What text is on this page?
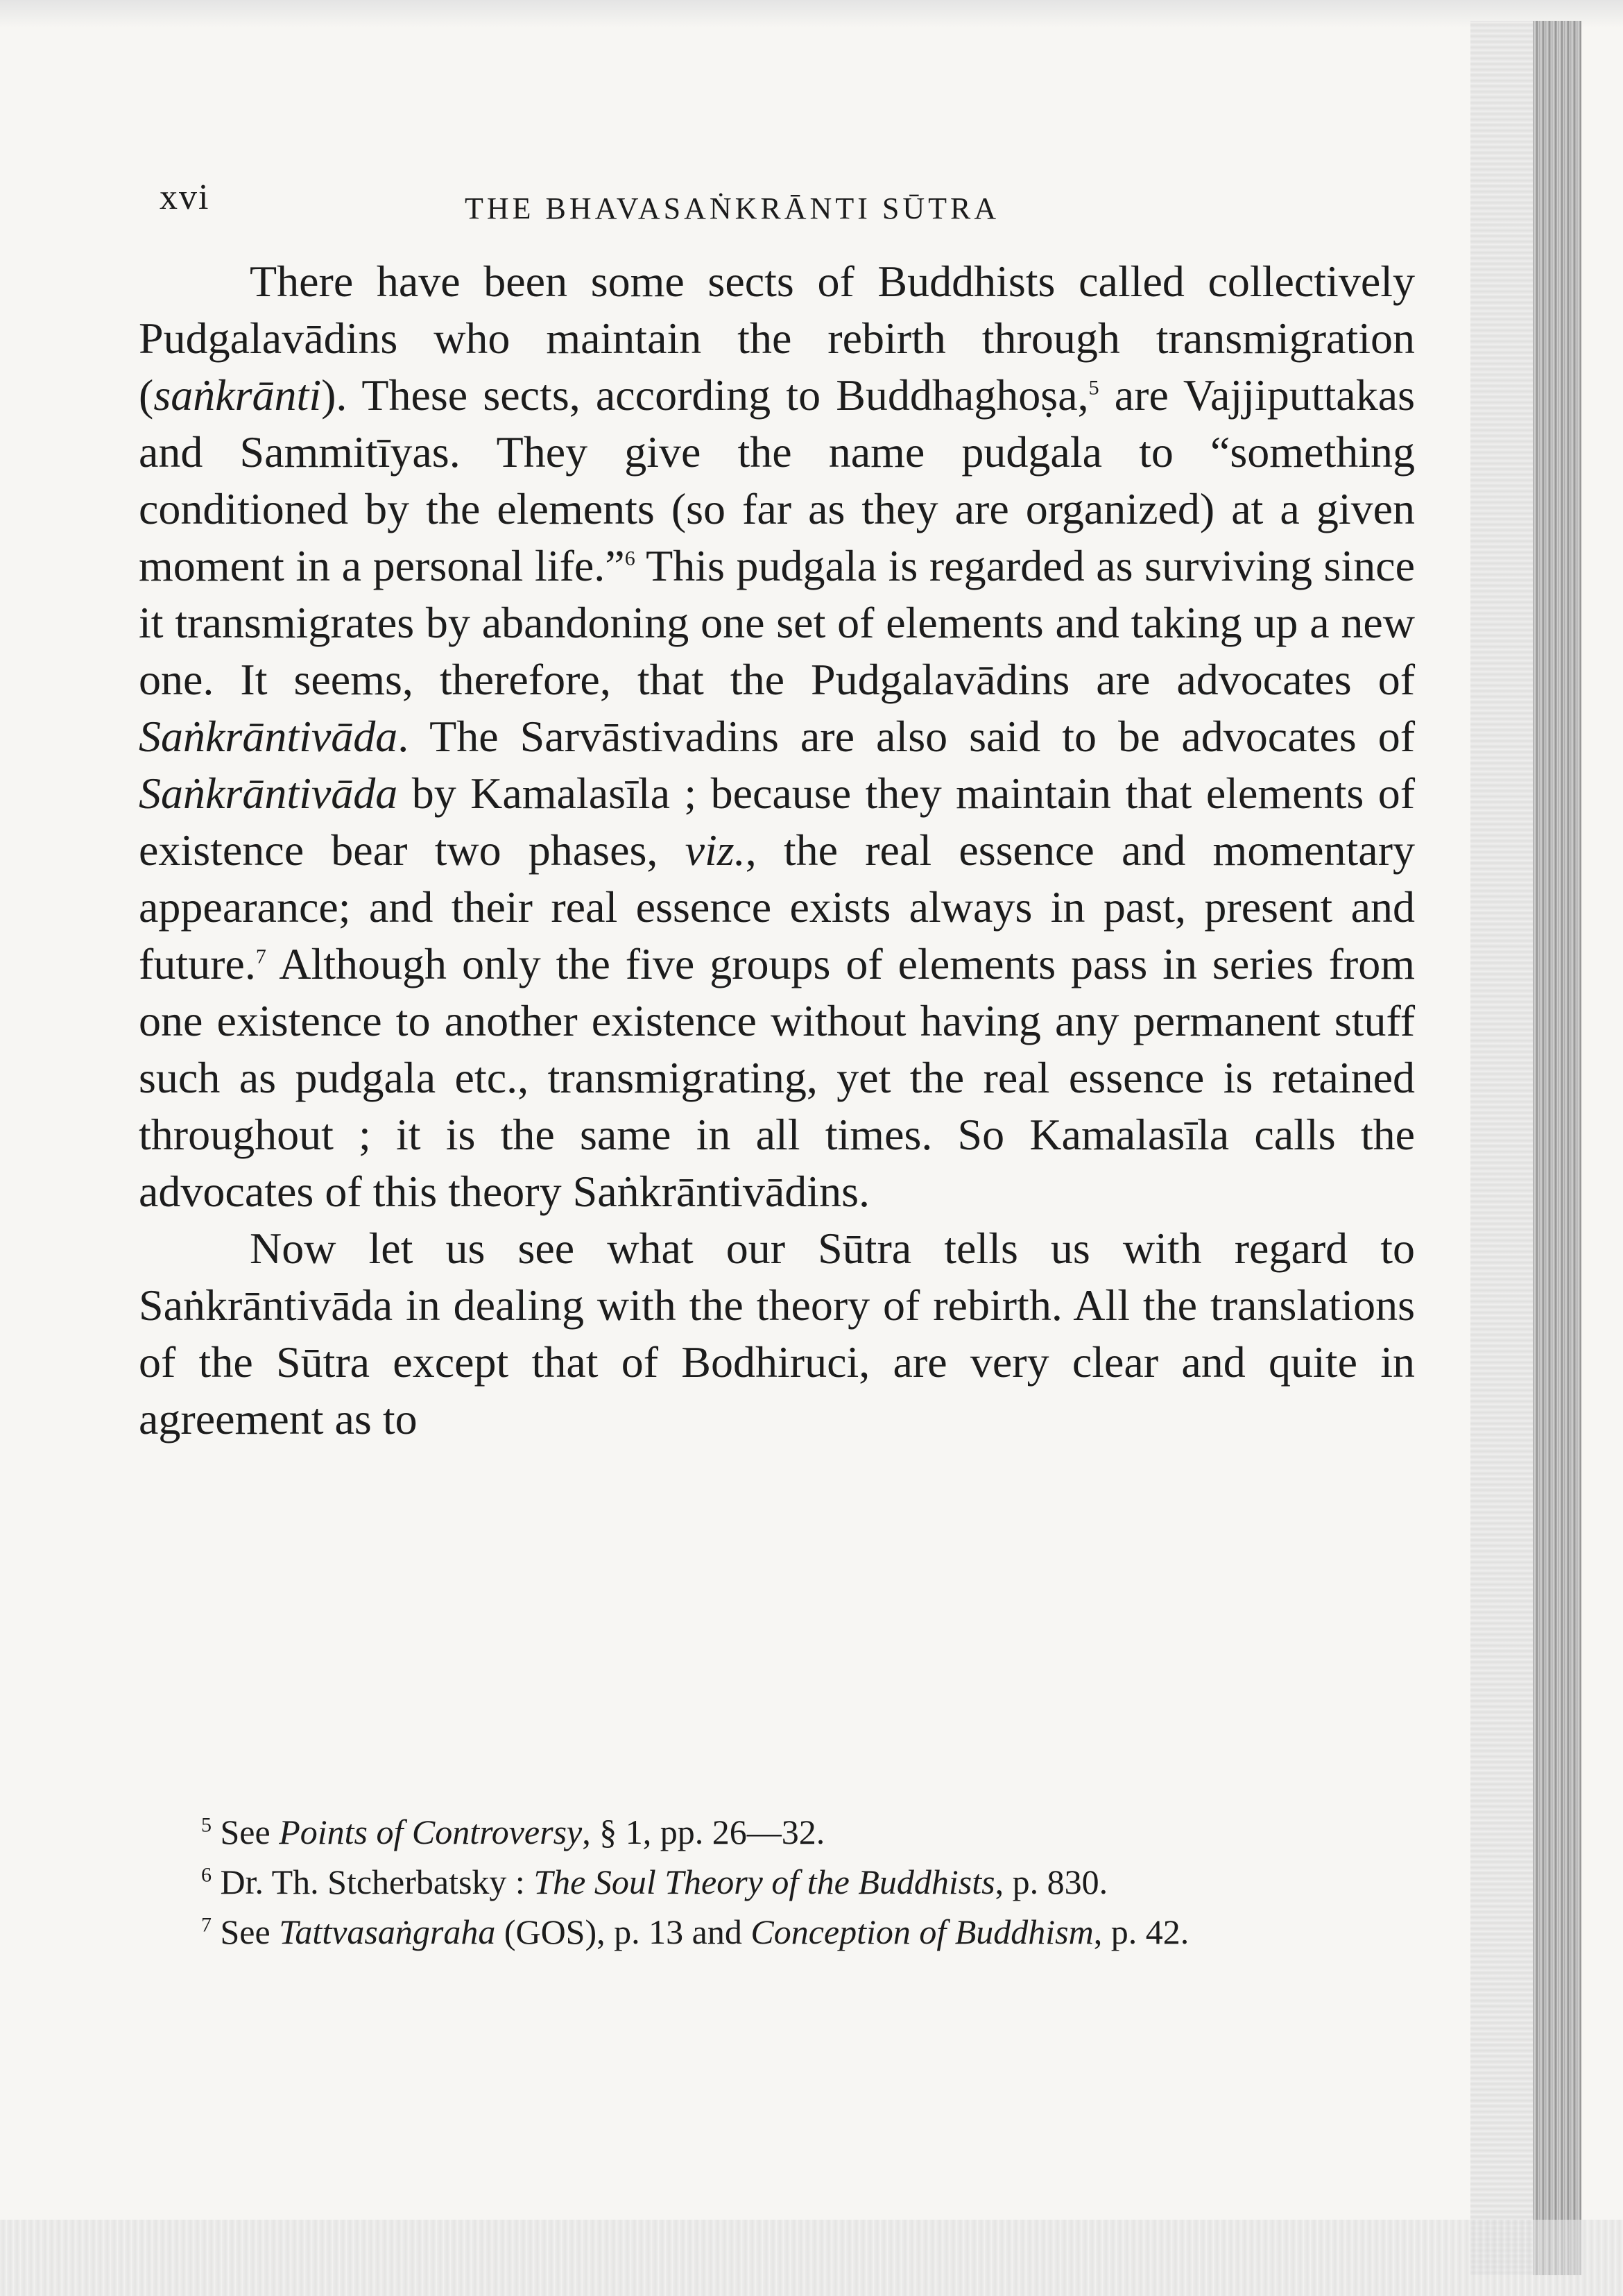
xvi	THE BHAVASAṄKRĀNTI SŪTRA

There have been some sects of Buddhists called collectively Pudgalavādins who maintain the rebirth through transmigration (saṅkrānti). These sects, according to Buddhaghoṣa,$^5$ are Vajjiputtakas and Sammitīyas. They give the name pudgala to “something conditioned by the elements (so far as they are organized) at a given moment in a personal life.”$^6$ This pudgala is regarded as surviving since it transmigrates by abandoning one set of elements and taking up a new one. It seems, therefore, that the Pudgalavādins are advocates of Saṅkrāntivāda. The Sarvāstivadins are also said to be advocates of Saṅkrāntivāda by Kamalasīla ; because they maintain that elements of existence bear two phases, viz., the real essence and momentary appearance; and their real essence exists always in past, present and future.$^7$ Although only the five groups of elements pass in series from one existence to another existence without having any permanent stuff such as pudgala etc., transmigrating, yet the real essence is retained throughout ; it is the same in all times. So Kamalasīla calls the advocates of this theory Saṅkrāntivādins.

Now let us see what our Sūtra tells us with regard to Saṅkrāntivāda in dealing with the theory of rebirth. All the translations of the Sūtra except that of Bodhiruci, are very clear and quite in agreement as to

$^5$ See Points of Controversy, § 1, pp. 26—32.

$^6$ Dr. Th. Stcherbatsky : The Soul Theory of the Buddhists, p. 830.

$^7$ See Tattvasaṅgraha (GOS), p. 13 and Conception of Buddhism, p. 42.
